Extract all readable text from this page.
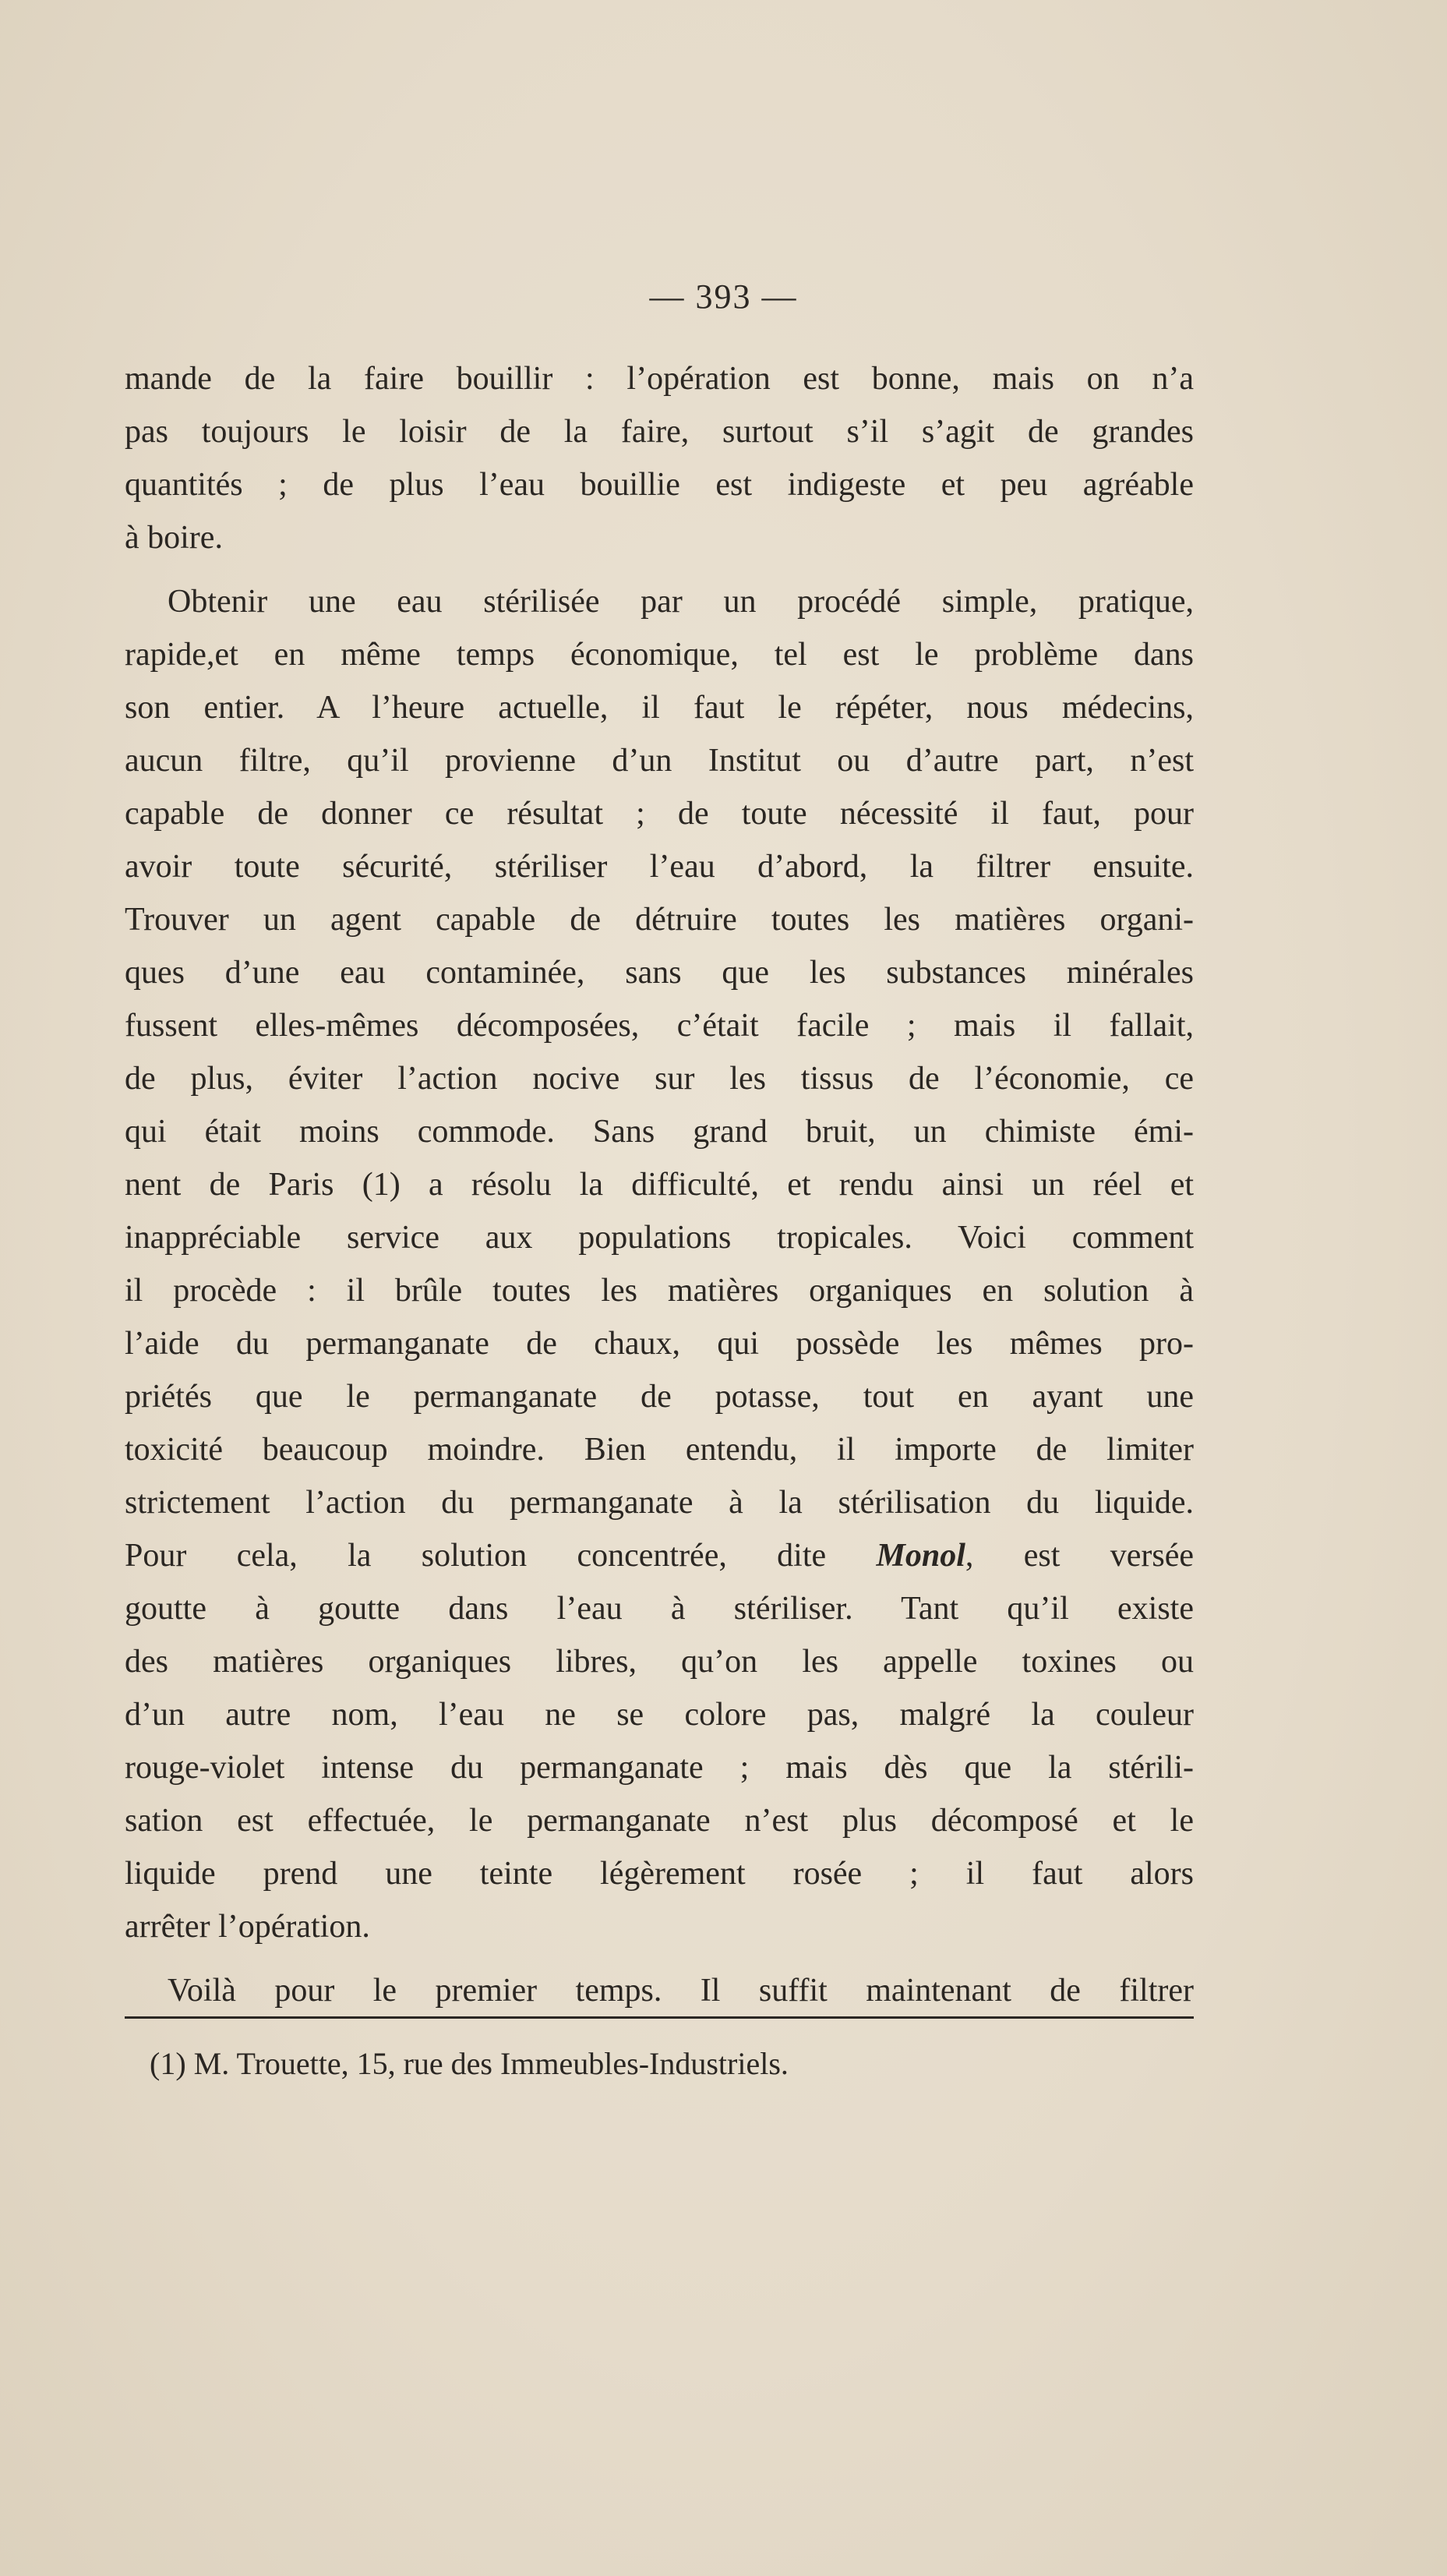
— 393 —
mande de la faire bouillir : l’opération est bonne, mais on n’a
pas toujours le loisir de la faire, surtout s’il s’agit de grandes
quantités ; de plus l’eau bouillie est indigeste et peu agréable
à boire.
Obtenir une eau stérilisée par un procédé simple, pratique,
rapide,et en même temps économique, tel est le problème dans
son entier. A l’heure actuelle, il faut le répéter, nous médecins,
aucun filtre, qu’il provienne d’un Institut ou d’autre part, n’est
capable de donner ce résultat ; de toute nécessité il faut, pour
avoir toute sécurité, stériliser l’eau d’abord, la filtrer ensuite.
Trouver un agent capable de détruire toutes les matières organi-
ques d’une eau contaminée, sans que les substances minérales
fussent elles-mêmes décomposées, c’était facile ; mais il fallait,
de plus, éviter l’action nocive sur les tissus de l’économie, ce
qui était moins commode. Sans grand bruit, un chimiste émi-
nent de Paris (1) a résolu la difficulté, et rendu ainsi un réel et
inappréciable service aux populations tropicales. Voici comment
il procède : il brûle toutes les matières organiques en solution à
l’aide du permanganate de chaux, qui possède les mêmes pro-
priétés que le permanganate de potasse, tout en ayant une
toxicité beaucoup moindre. Bien entendu, il importe de limiter
strictement l’action du permanganate à la stérilisation du liquide.
Pour cela, la solution concentrée, dite Monol, est versée
goutte à goutte dans l’eau à stériliser. Tant qu’il existe
des matières organiques libres, qu’on les appelle toxines ou
d’un autre nom, l’eau ne se colore pas, malgré la couleur
rouge-violet intense du permanganate ; mais dès que la stérili-
sation est effectuée, le permanganate n’est plus décomposé et le
liquide prend une teinte légèrement rosée ; il faut alors
arrêter l’opération.
Voilà pour le premier temps. Il suffit maintenant de filtrer
(1) M. Trouette, 15, rue des Immeubles-Industriels.
